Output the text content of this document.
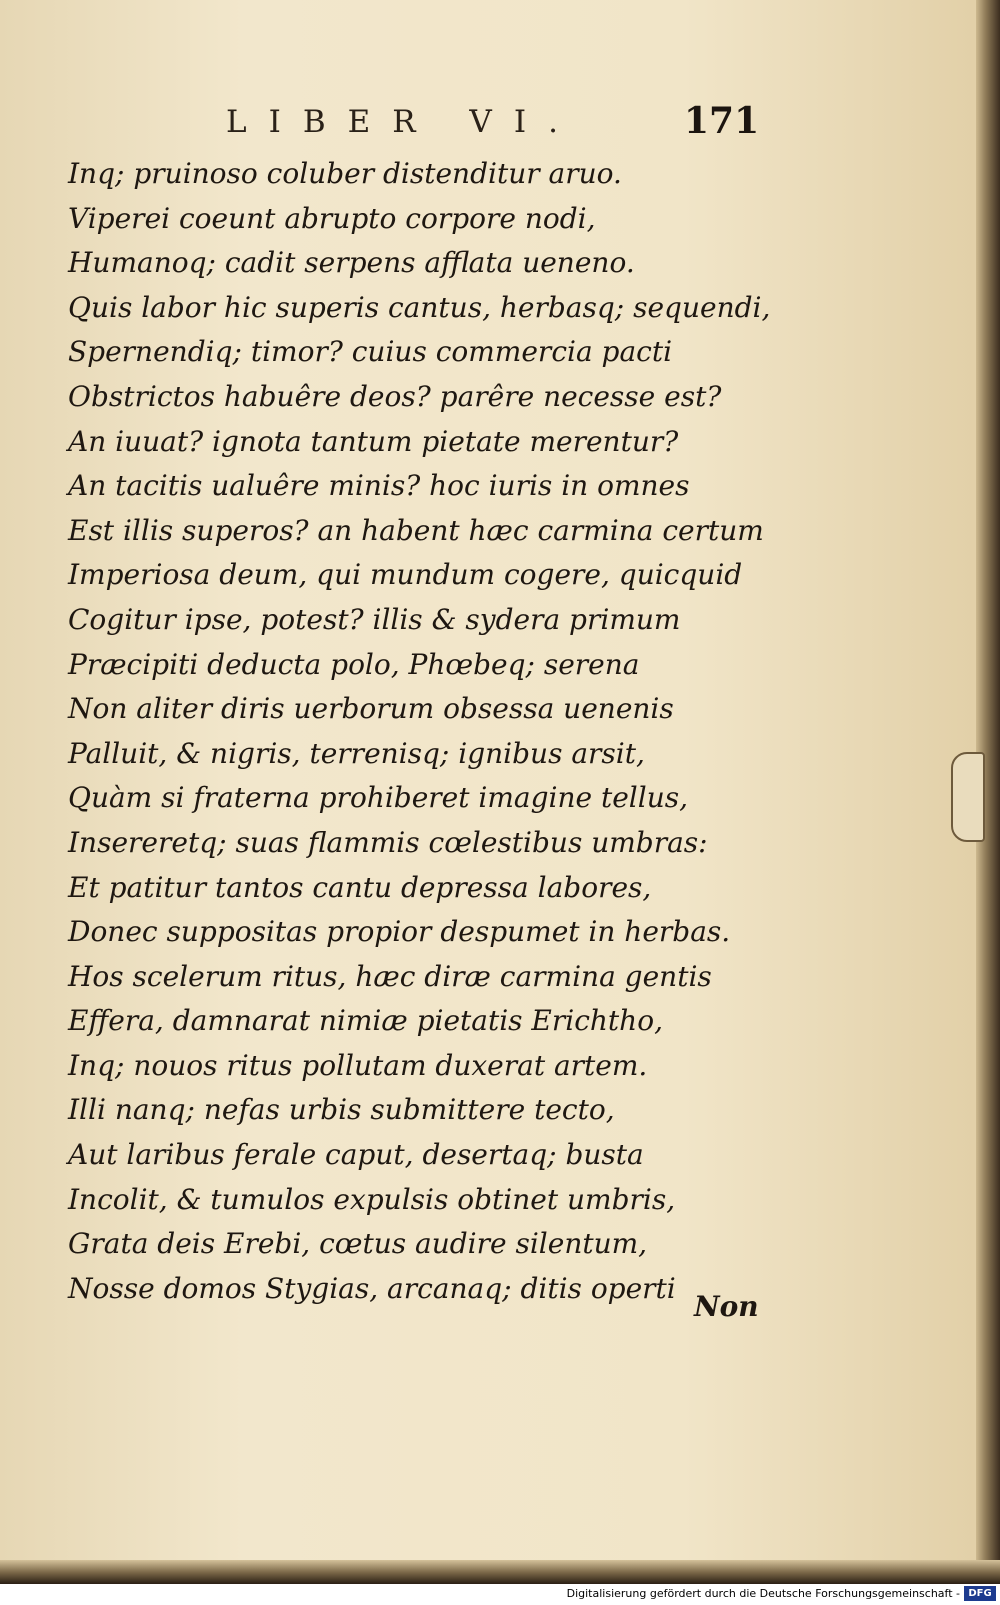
LIBER VI.	171
Inq; pruinoso coluber distenditur aruo.
Viperei coeunt abrupto corpore nodi,
Humanoq; cadit serpens afflata ueneno.
Quis labor hic superis cantus, herbasq; sequendi,
Spernendiq; timor? cuius commercia pacti
Obstrictos habuêre deos? parêre necesse est?
An iuuat? ignota tantum pietate merentur?
An tacitis ualuêre minis? hoc iuris in omnes
Est illis superos? an habent hæc carmina certum
Imperiosa deum, qui mundum cogere, quicquid
Cogitur ipse, potest? illis & sydera primum
Præcipiti deducta polo, Phœbeq; serena
Non aliter diris uerborum obsessa uenenis
Palluit, & nigris, terrenisq; ignibus arsit,
Quàm si fraterna prohiberet imagine tellus,
Insereretq; suas flammis cœlestibus umbras:
Et patitur tantos cantu depressa labores,
Donec suppositas propior despumet in herbas.
Hos scelerum ritus, hæc diræ carmina gentis
Effera, damnarat nimiæ pietatis Erichtho,
Inq; nouos ritus pollutam duxerat artem.
Illi nanq; nefas urbis submittere tecto,
Aut laribus ferale caput, desertaq; busta
Incolit, & tumulos expulsis obtinet umbris,
Grata deis Erebi, cœtus audire silentum,
Nosse domos Stygias, arcanaq; ditis operti
Non
Digitalisierung gefördert durch die Deutsche Forschungsgemeinschaft - DFG
